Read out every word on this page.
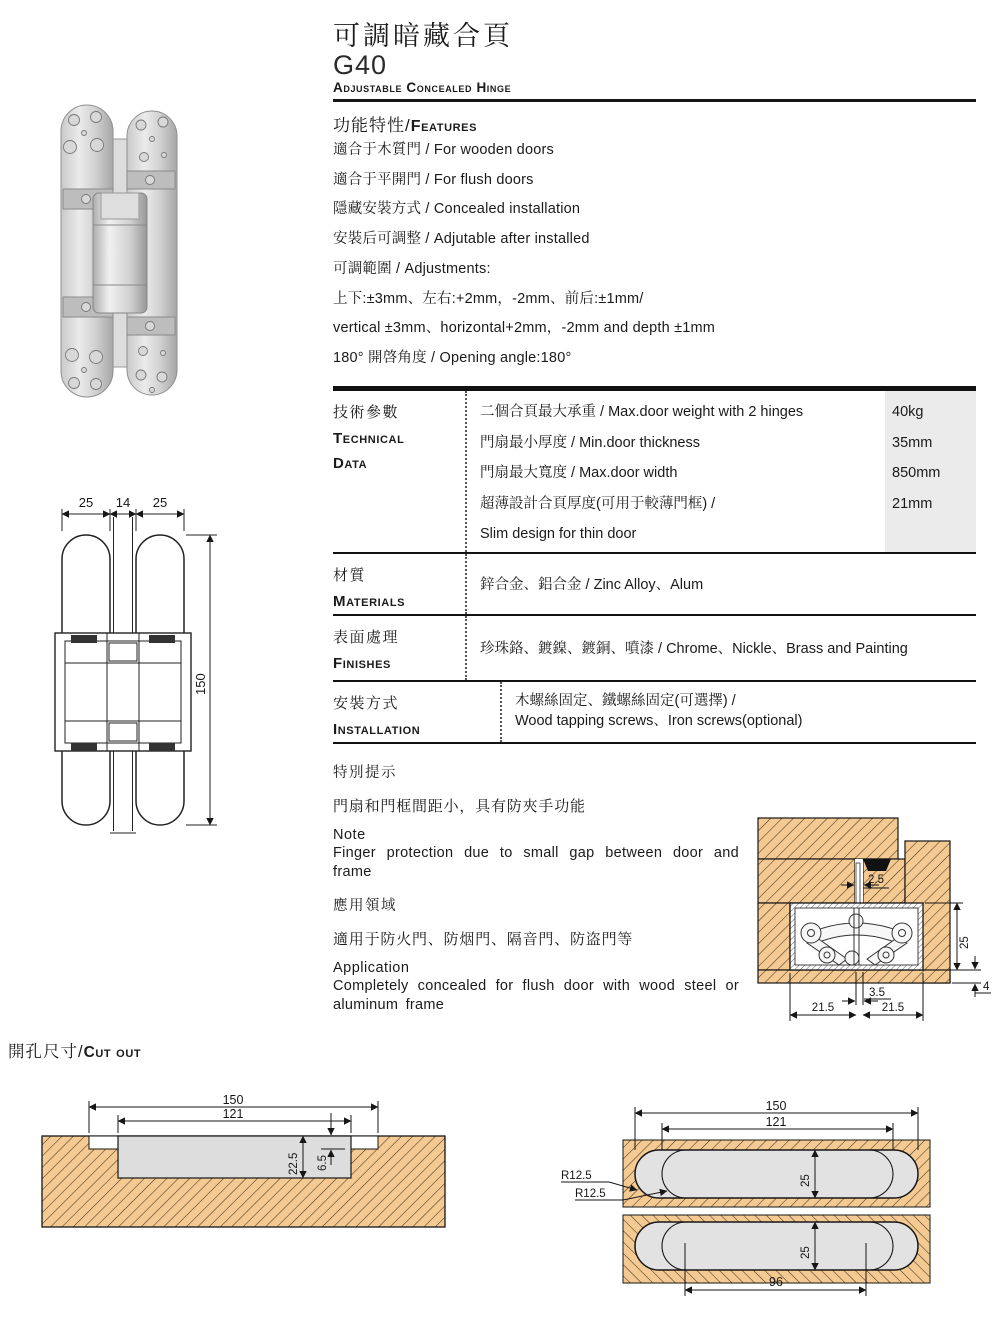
可調暗藏合頁
G40
Adjustable Concealed Hinge
功能特性/Features
適合于木質門 / For wooden doors
適合于平開門 / For flush doors
隱藏安裝方式 / Concealed installation
安裝后可調整 / Adjutable after installed
可調範圍 / Adjustments:
上下:±3mm、左右:+2mm，-2mm、前后:±1mm/
vertical ±3mm、horizontal+2mm，-2mm and depth ±1mm
180° 開啓角度 / Opening angle:180°
技術參數
Technical
Data
二個合頁最大承重 / Max.door weight with 2 hinges
門扇最小厚度 / Min.door thickness
門扇最大寬度 / Max.door width
超薄設計合頁厚度(可用于較薄門框) /
Slim design for thin door
40kg
35mm
850mm
21mm
材質
Materials
鋅合金、鋁合金 / Zinc Alloy、Alum
表面處理
Finishes
珍珠鉻、鍍鎳、鍍銅、噴漆 / Chrome、Nickle、Brass and Painting
安裝方式
Installation
木螺絲固定、鐵螺絲固定(可選擇) /
Wood tapping screws、Iron screws(optional)
25 14 25
150
特別提示
門扇和門框間距小，具有防夾手功能
Note
Finger protection due to small gap between door and frame
應用領域
適用于防火門、防烟門、隔音門、防盗門等
Application
Completely concealed for flush door with wood steel or aluminum frame
2.5
25
3.5
21.5	21.5
4
開孔尺寸/Cut out
150
121
22.5 6.5
150
121
25
R12.5
R12.5
25
96
